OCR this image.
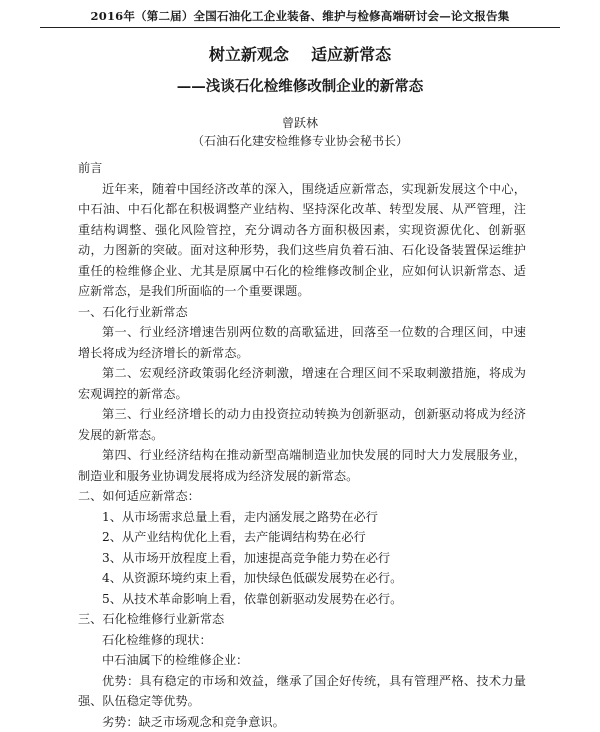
2016年（第二届）全国石油化工企业装备、维护与检修高端研讨会—论文报告集
树立新观念    适应新常态
——浅谈石化检维修改制企业的新常态
曾跃林
（石油石化建安检维修专业协会秘书长）

前言

近年来，随着中国经济改革的深入，围绕适应新常态，实现新发展这个中心，中石油、中石化都在积极调整产业结构、坚持深化改革、转型发展、从严管理，注重结构调整、强化风险管控，充分调动各方面积极因素，实现资源优化、创新驱动，力图新的突破。面对这种形势，我们这些肩负着石油、石化设备装置保运维护重任的检维修企业、尤其是原属中石化的检维修改制企业，应如何认识新常态、适应新常态，是我们所面临的一个重要课题。

一、石化行业新常态

第一、行业经济增速告别两位数的高歌猛进，回落至一位数的合理区间，中速增长将成为经济增长的新常态。

第二、宏观经济政策弱化经济刺激，增速在合理区间不采取刺激措施，将成为宏观调控的新常态。

第三、行业经济增长的动力由投资拉动转换为创新驱动，创新驱动将成为经济发展的新常态。

第四、行业经济结构在推动新型高端制造业加快发展的同时大力发展服务业，制造业和服务业协调发展将成为经济发展的新常态。

二、如何适应新常态：

1、从市场需求总量上看，走内涵发展之路势在必行

2、从产业结构优化上看，去产能调结构势在必行

3、从市场开放程度上看，加速提高竞争能力势在必行

4、从资源环境约束上看，加快绿色低碳发展势在必行。

5、从技术革命影响上看，依靠创新驱动发展势在必行。

三、石化检维修行业新常态

石化检维修的现状：

中石油属下的检维修企业：

优势：具有稳定的市场和效益，继承了国企好传统，具有管理严格、技术力量强、队伍稳定等优势。

劣势：缺乏市场观念和竞争意识。
